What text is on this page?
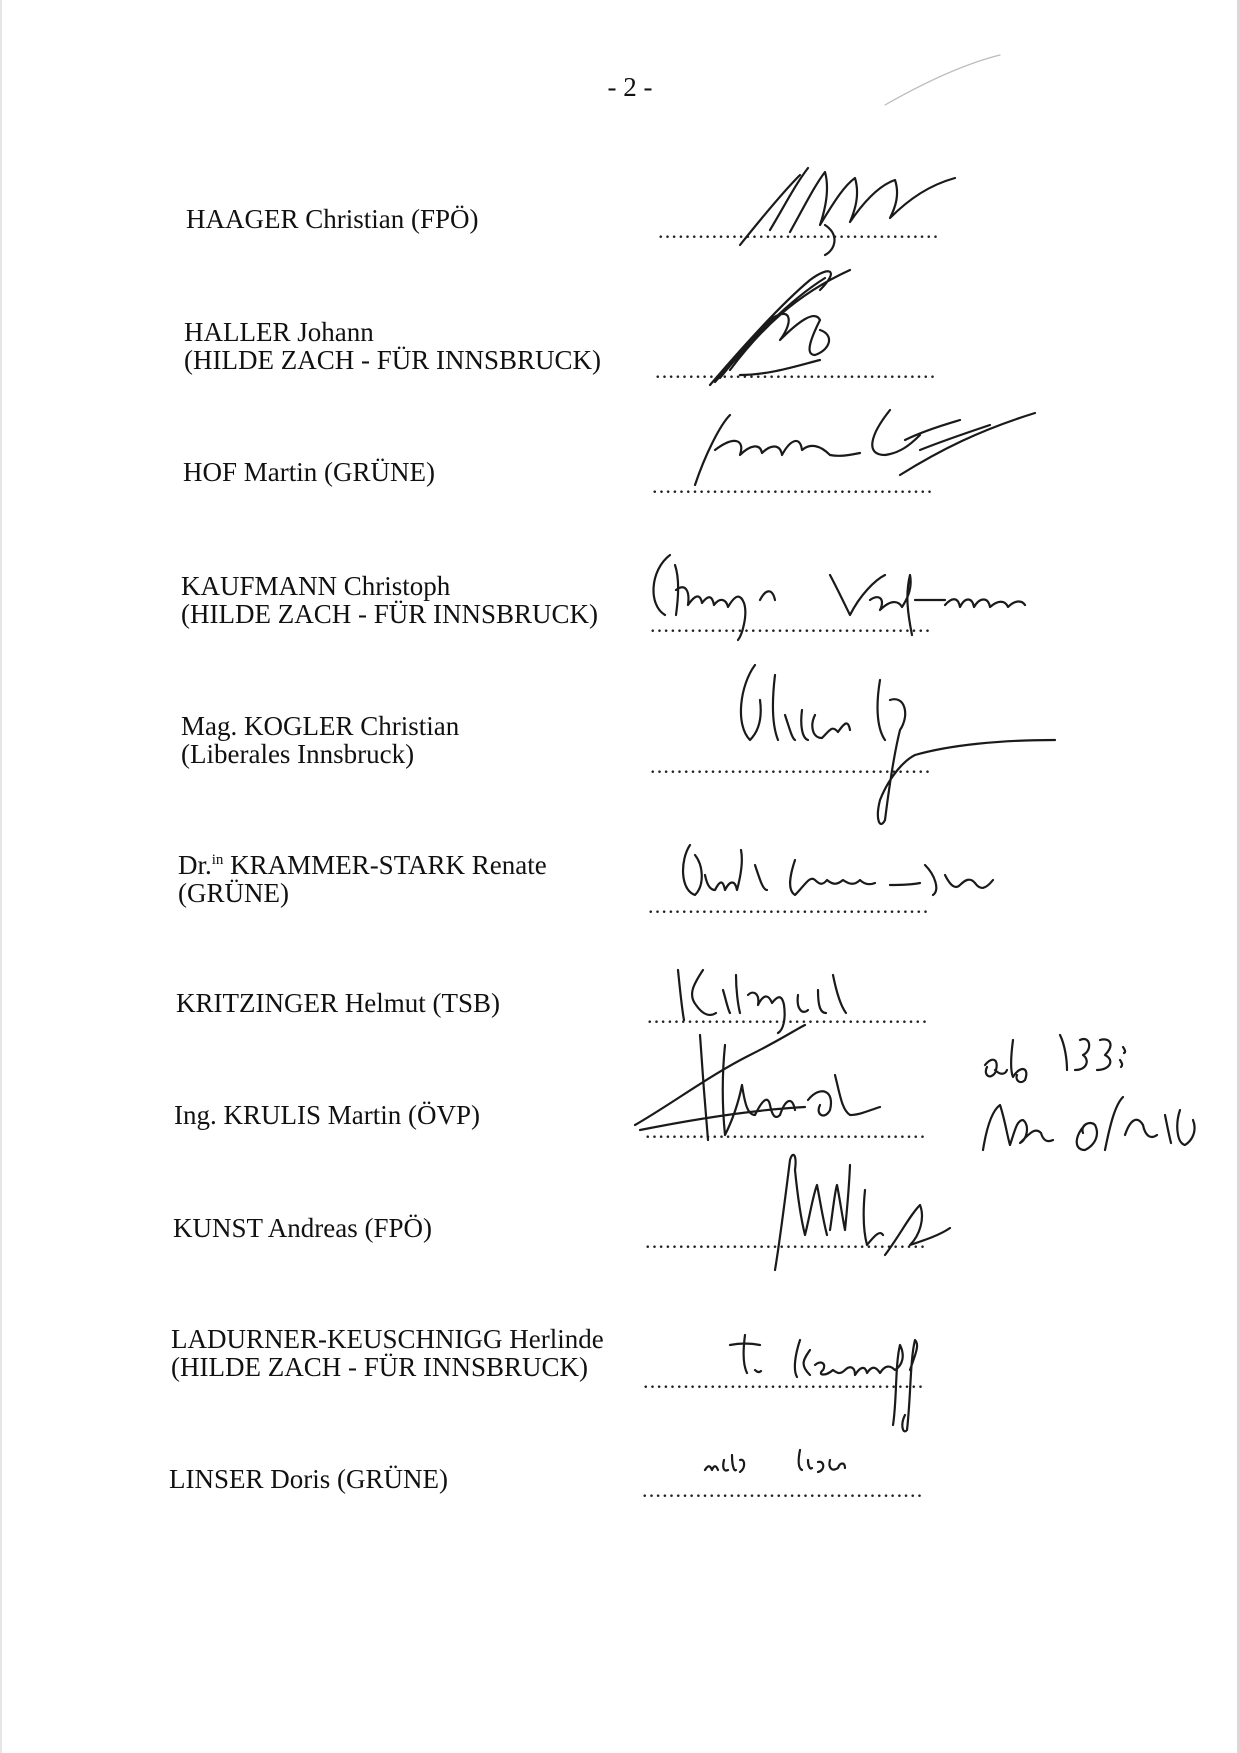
- 2 -
HAAGER Christian (FPÖ)	..........................................
HALLER Johann
(HILDE ZACH - FÜR INNSBRUCK) ..........................................
HOF Martin (GRÜNE)	..........................................
KAUFMANN Christoph
(HILDE ZACH - FÜR INNSBRUCK) ..........................................
Mag. KOGLER Christian
(Liberales Innsbruck)	..........................................
Dr.$^{in}$ KRAMMER-STARK Renate
(GRÜNE)	..........................................
KRITZINGER Helmut (TSB)	..........................................
Ing. KRULIS Martin (ÖVP)
..........................................
KUNST Andreas (FPÖ)	..........................................
LADURNER-KEUSCHNIGG Herlinde
(HILDE ZACH - FÜR INNSBRUCK)	..........................................
LINSER Doris (GRÜNE)	..........................................
